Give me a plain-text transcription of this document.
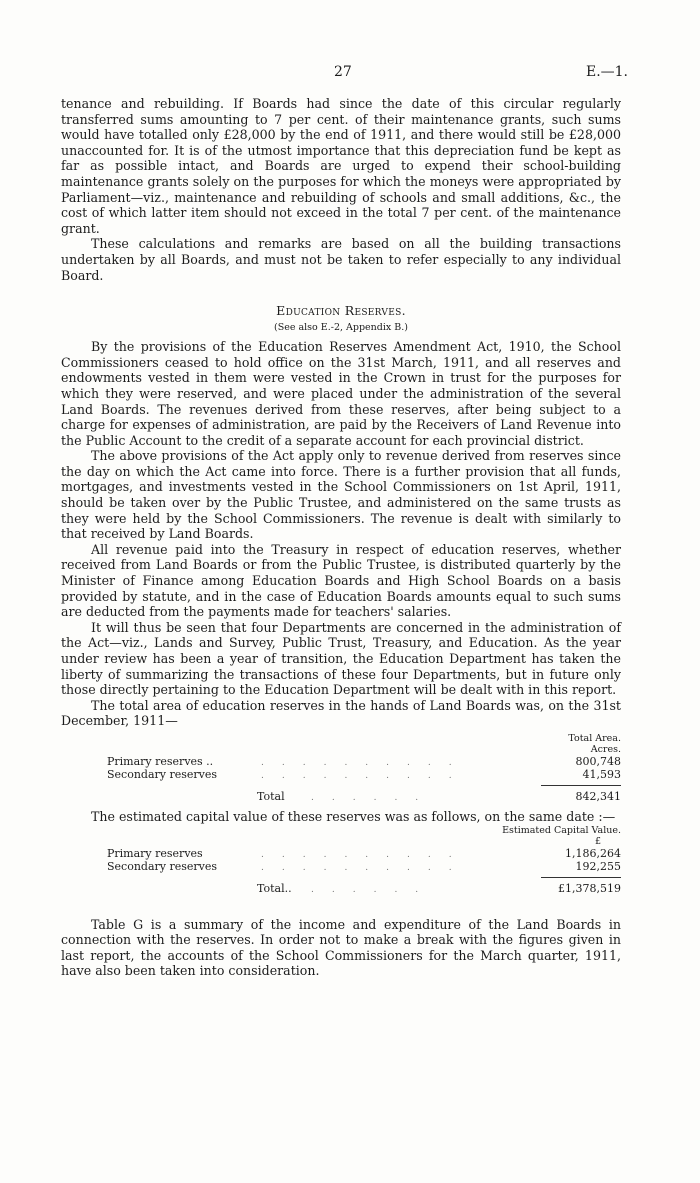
27	E.—1.

tenance and rebuilding. If Boards had since the date of this circular regularly transferred sums amounting to 7 per cent. of their maintenance grants, such sums would have totalled only £28,000 by the end of 1911, and there would still be £28,000 unaccounted for. It is of the utmost importance that this depreciation fund be kept as far as possible intact, and Boards are urged to expend their school-building maintenance grants solely on the purposes for which the moneys were appropriated by Parliament—viz., maintenance and rebuilding of schools and small additions, &c., the cost of which latter item should not exceed in the total 7 per cent. of the maintenance grant.

These calculations and remarks are based on all the building transactions undertaken by all Boards, and must not be taken to refer especially to any individual Board.

Education Reserves.
(See also E.-2, Appendix B.)

By the provisions of the Education Reserves Amendment Act, 1910, the School Commissioners ceased to hold office on the 31st March, 1911, and all reserves and endowments vested in them were vested in the Crown in trust for the purposes for which they were reserved, and were placed under the administration of the several Land Boards. The revenues derived from these reserves, after being subject to a charge for expenses of administration, are paid by the Receivers of Land Revenue into the Public Account to the credit of a separate account for each provincial district.

The above provisions of the Act apply only to revenue derived from reserves since the day on which the Act came into force. There is a further provision that all funds, mortgages, and investments vested in the School Commissioners on 1st April, 1911, should be taken over by the Public Trustee, and administered on the same trusts as they were held by the School Commissioners. The revenue is dealt with similarly to that received by Land Boards.

All revenue paid into the Treasury in respect of education reserves, whether received from Land Boards or from the Public Trustee, is distributed quarterly by the Minister of Finance among Education Boards and High School Boards on a basis provided by statute, and in the case of Education Boards amounts equal to such sums are deducted from the payments made for teachers' salaries.

It will thus be seen that four Departments are concerned in the administration of the Act—viz., Lands and Survey, Public Trust, Treasury, and Education. As the year under review has been a year of transition, the Education Department has taken the liberty of summarizing the transactions of these four Departments, but in future only those directly pertaining to the Education Department will be dealt with in this report.

The total area of education reserves in the hands of Land Boards was, on the 31st December, 1911—

Total Area.
Acres.
Primary reserves ..	..........	800,748
Secondary reserves	..........	41,593
Total	......	842,341

The estimated capital value of these reserves was as follows, on the same date :—

Estimated Capital Value.
£
Primary reserves	..........	1,186,264
Secondary reserves	..........	192,255
Total..	......	£1,378,519

Table G is a summary of the income and expenditure of the Land Boards in connection with the reserves. In order not to make a break with the figures given in last report, the accounts of the School Commissioners for the March quarter, 1911, have also been taken into consideration.
